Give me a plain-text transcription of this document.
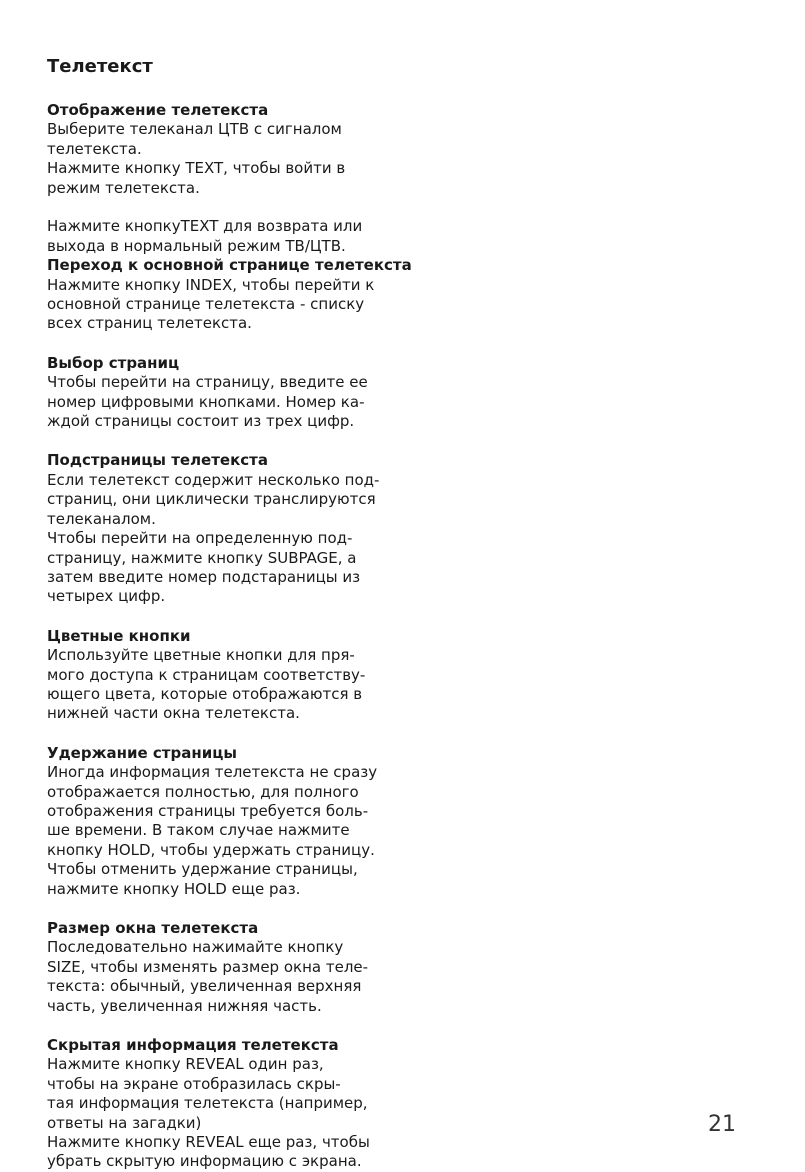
Телетекст
Отображение телетекста
Выберите телеканал ЦТВ с сигналом
телетекста.
Нажмите кнопку TEXT, чтобы войти в
режим телетекста.
Нажмите кнопкуTEXT для возврата или
выхода в нормальный режим ТВ/ЦТВ.
Переход к основной странице телетекста
Нажмите кнопку INDEX, чтобы перейти к
основной странице телетекста - списку
всех страниц телетекста.
Выбор страниц
Чтобы перейти на страницу, введите ее
номер цифровыми кнопками. Номер ка-
ждой страницы состоит из трех цифр.
Подстраницы телетекста
Если телетекст содержит несколько под-
страниц, они циклически транслируются
телеканалом.
Чтобы перейти на определенную под-
страницу, нажмите кнопку SUBPAGE, а
затем введите номер подстараницы из
четырех цифр.
Цветные кнопки
Используйте цветные кнопки для пря-
мого доступа к страницам соответству-
ющего цвета, которые отображаются в
нижней части окна телетекста.
Удержание страницы
Иногда информация телетекста не сразу
отображается полностью, для полного
отображения страницы требуется боль-
ше времени. В таком случае нажмите
кнопку HOLD, чтобы удержать страницу.
Чтобы отменить удержание страницы,
нажмите кнопку HOLD еще раз.
Размер окна телетекста
Последовательно нажимайте кнопку
SIZE, чтобы изменять размер окна теле-
текста: обычный, увеличенная верхняя
часть, увеличенная нижняя часть.
Скрытая информация телетекста
Нажмите кнопку REVEAL один раз,
чтобы на экране отобразилась скры-
тая информация телетекста (например,
ответы на загадки)
Нажмите кнопку REVEAL еще раз, чтобы
убрать скрытую информацию с экрана.
21
